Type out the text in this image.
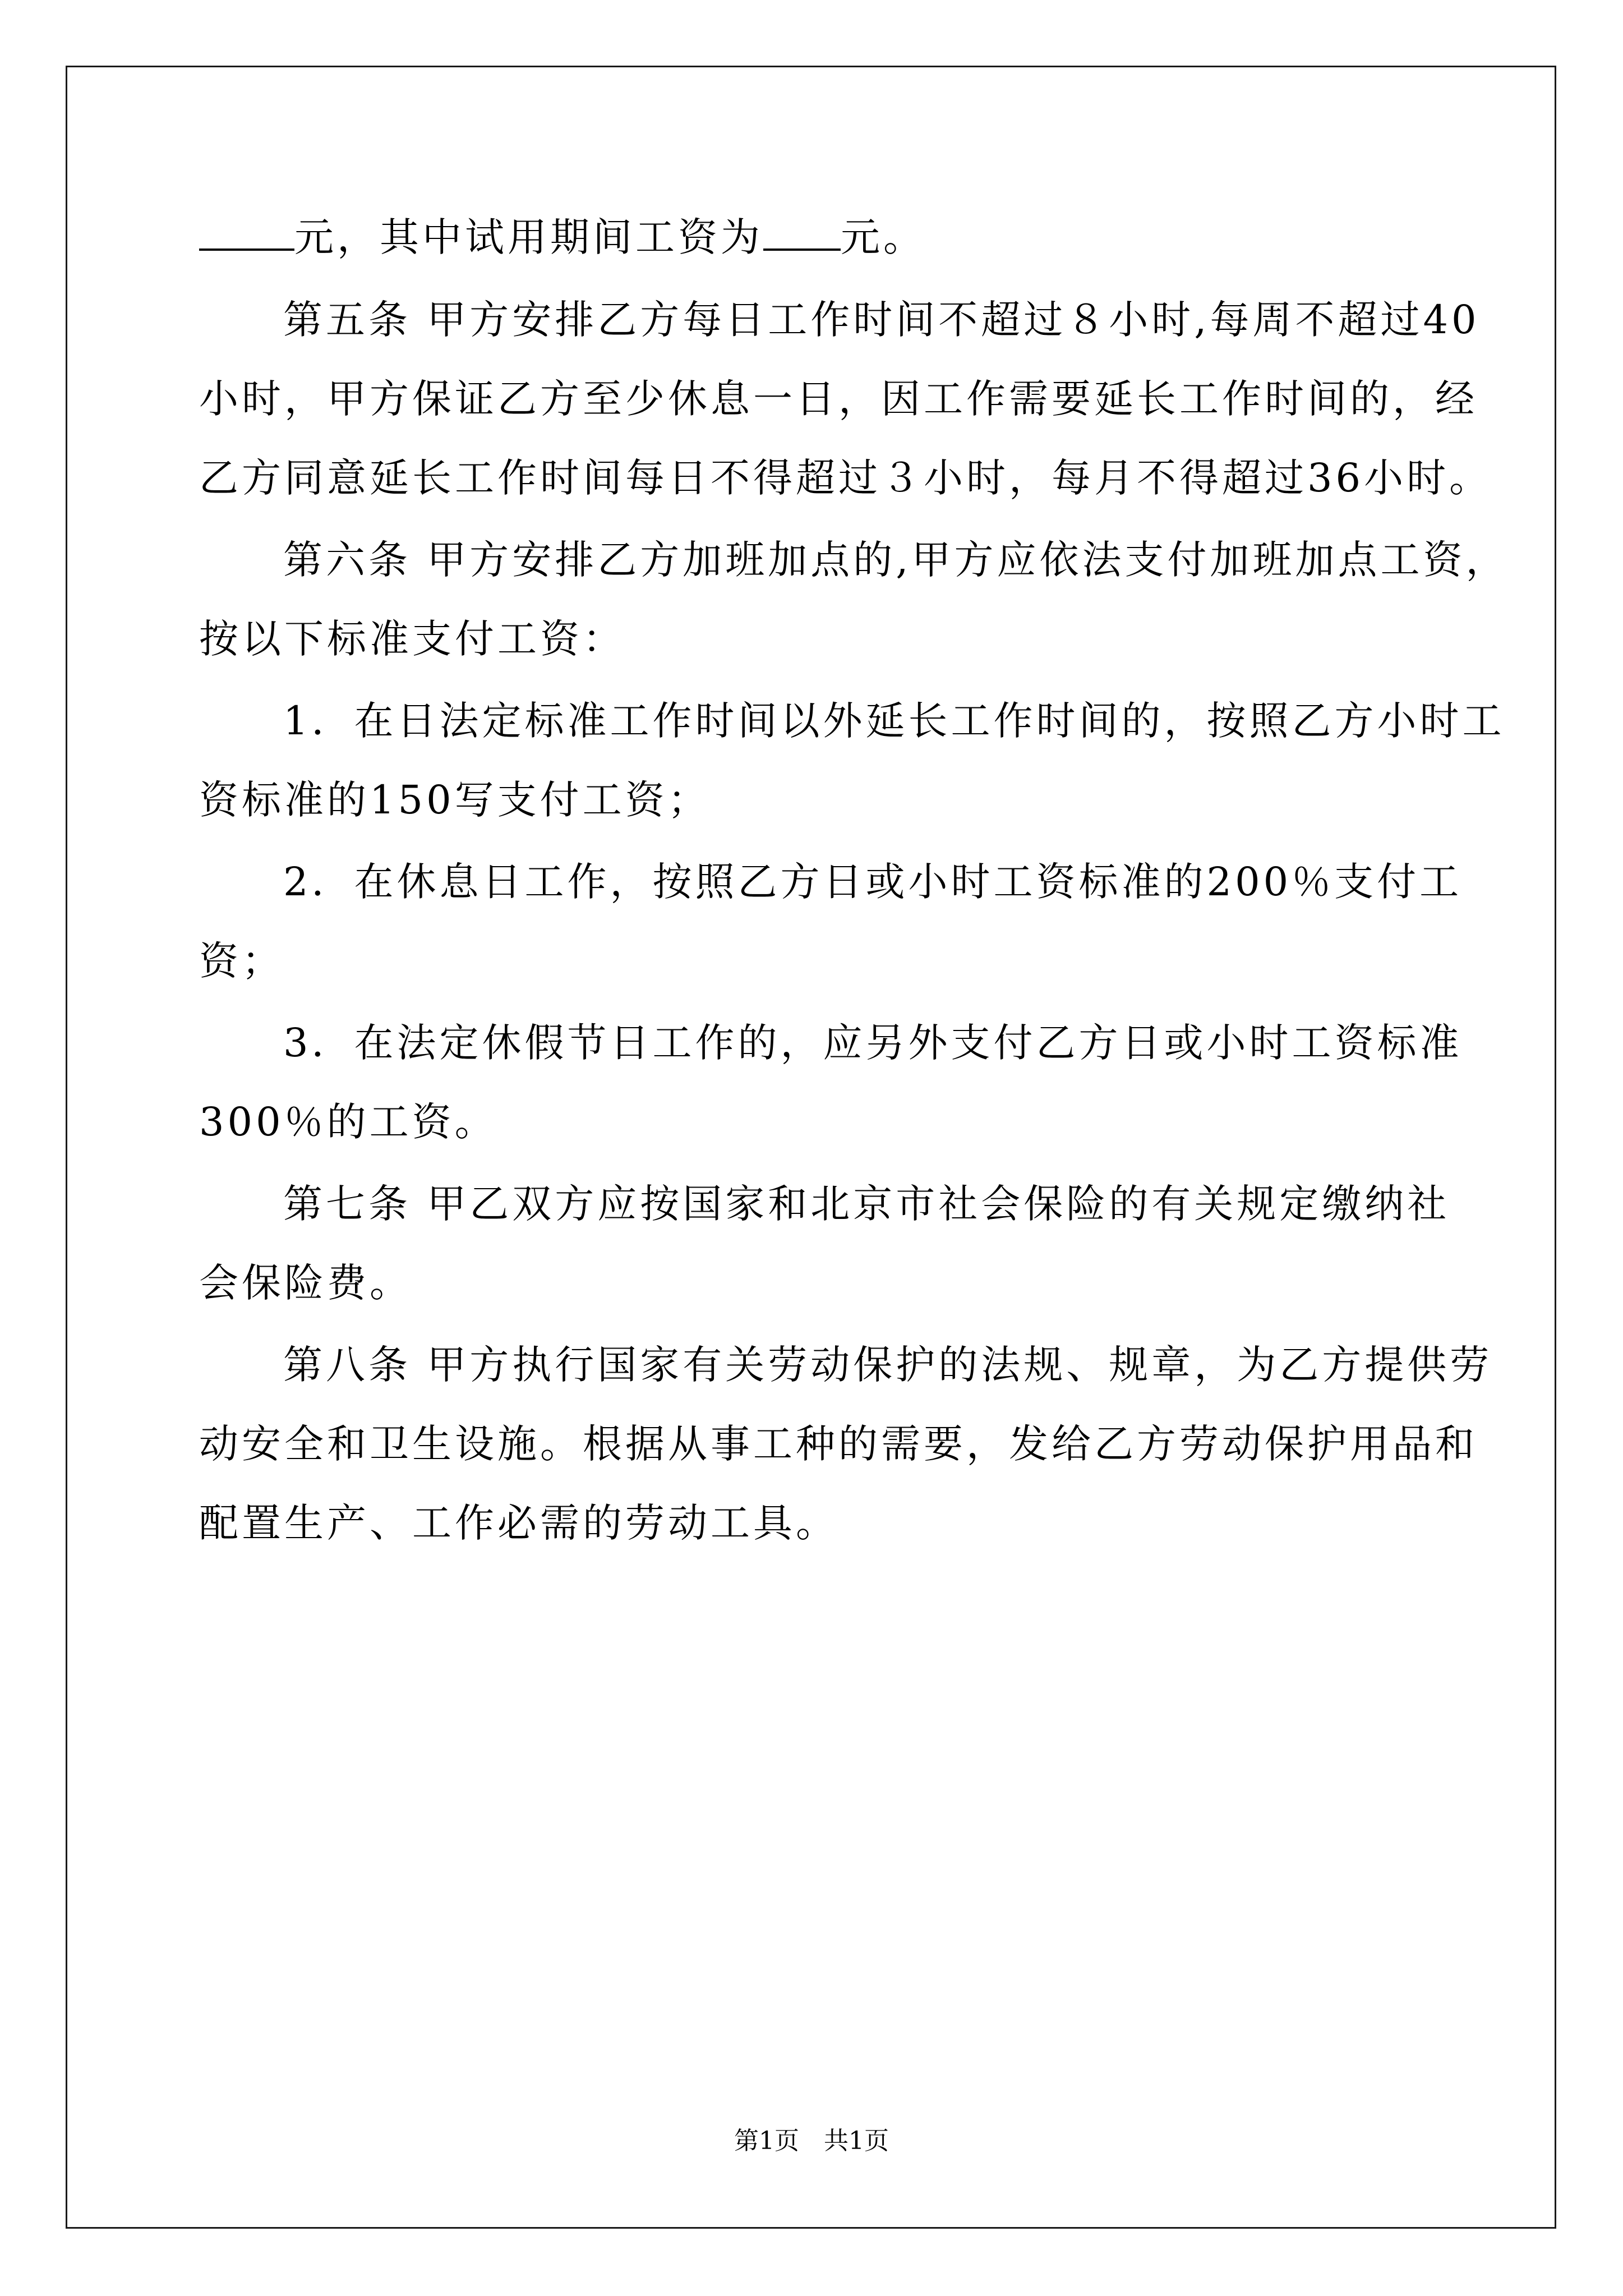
元，其中试用期间工资为 元。
第五条 甲方安排乙方每日工作时间不超过８小时,每周不超过40
小时，甲方保证乙方至少休息一日，因工作需要延长工作时间的，经
乙方同意延长工作时间每日不得超过３小时，每月不得超过36小时。
第六条 甲方安排乙方加班加点的,甲方应依法支付加班加点工资，
按以下标准支付工资：
1．在日法定标准工作时间以外延长工作时间的，按照乙方小时工
资标准的150写支付工资；
2．在休息日工作，按照乙方日或小时工资标准的200％支付工
资；
3．在法定休假节日工作的，应另外支付乙方日或小时工资标准
300％的工资。
第七条 甲乙双方应按国家和北京市社会保险的有关规定缴纳社
会保险费。
第八条 甲方执行国家有关劳动保护的法规、规章，为乙方提供劳
动安全和卫生设施。根据从事工种的需要，发给乙方劳动保护用品和
配置生产、工作必需的劳动工具。
第1页　共1页
